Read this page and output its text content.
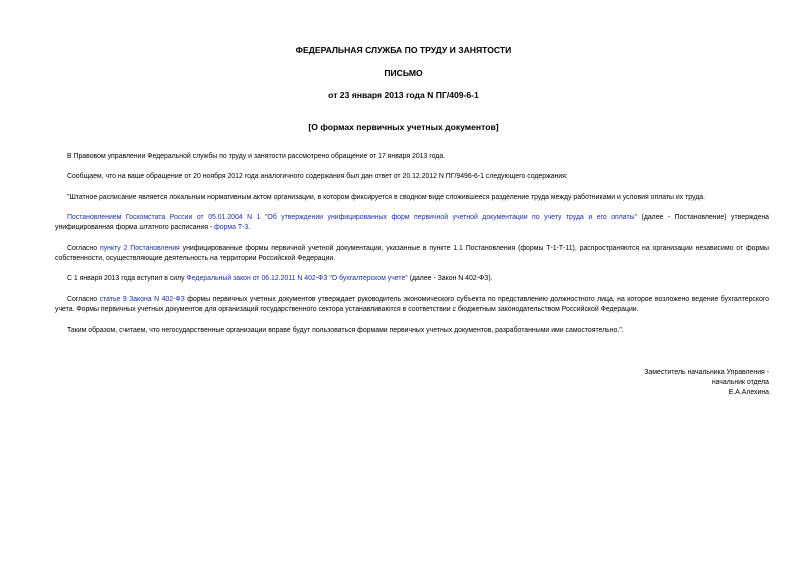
ФЕДЕРАЛЬНАЯ СЛУЖБА ПО ТРУДУ И ЗАНЯТОСТИ
ПИСЬМО
от 23 января 2013 года N ПГ/409-6-1
[О формах первичных учетных документов]
В Правовом управлении Федеральной службы по труду и занятости рассмотрено обращение от 17 января 2013 года.
Сообщаем, что на ваше обращение от 20 ноября 2012 года аналогичного содержания был дан ответ от 20.12.2012 N ПГ/9496-6-1 следующего содержания:
"Штатное расписание является локальным нормативным актом организации, в котором фиксируется в сводном виде сложившееся разделение труда между работниками и условия оплаты их труда.
Постановлением Госкомстата России от 05.01.2004 N 1 "Об утверждении унифицированных форм первичной учетной документации по учету труда и его оплаты" (далее - Постановление) утверждена унифицированная форма штатного расписания - форма Т-3.
Согласно пункту 2 Постановления унифицированные формы первичной учетной документации, указанные в пункте 1.1 Постановления (формы Т-1-Т-11), распространяются на организации независимо от формы собственности, осуществляющие деятельность на территории Российской Федерации.
С 1 января 2013 года вступил в силу Федеральный закон от 06.12.2011 N 402-ФЗ "О бухгалтерском учете" (далее - Закон N 402-ФЗ).
Согласно статье 9 Закона N 402-ФЗ формы первичных учетных документов утверждает руководитель экономического субъекта по представлению должностного лица, на которое возложено ведение бухгалтерского учета. Формы первичных учетных документов для организаций государственного сектора устанавливаются в соответствии с бюджетным законодательством Российской Федерации.
Таким образом, считаем, что негосударственные организации вправе будут пользоваться формами первичных учетных документов, разработанными ими самостоятельно.".
Заместитель начальника Управления -
начальник отдела
Е.А.Алехина
